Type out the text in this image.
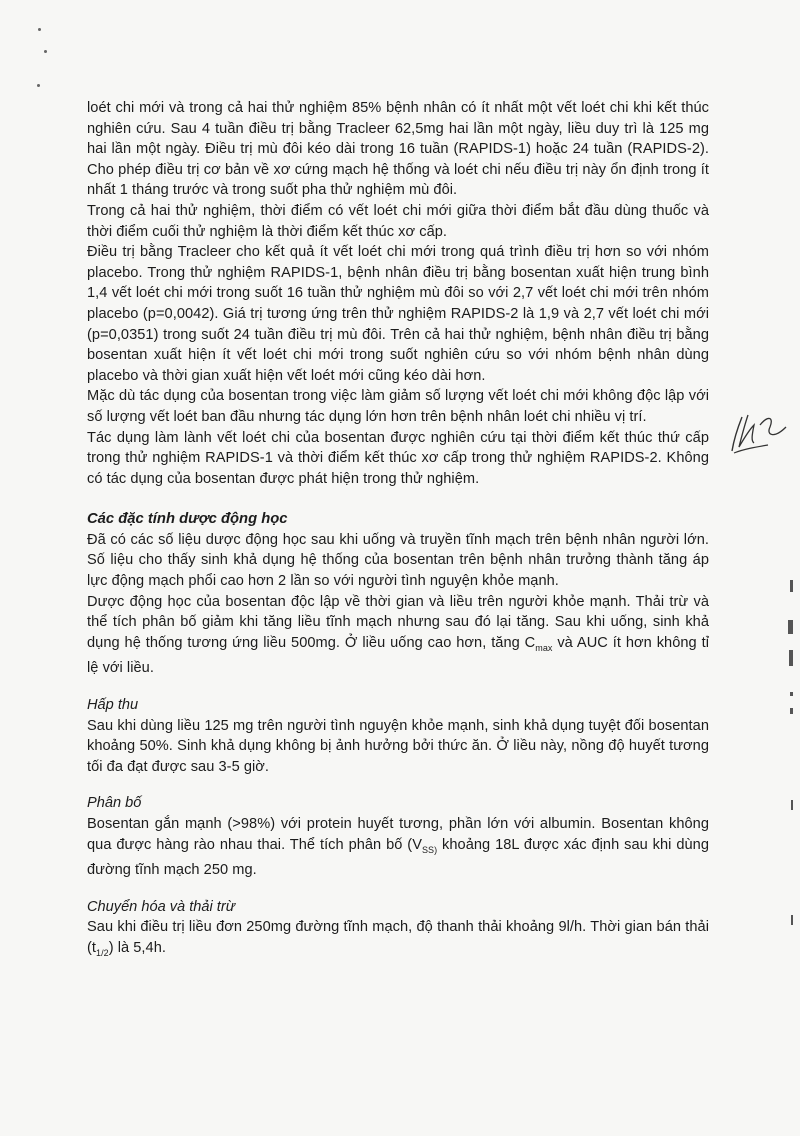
loét chi mới và trong cả hai thử nghiệm 85% bệnh nhân có ít nhất một vết loét chi khi kết thúc nghiên cứu. Sau 4 tuần điều trị bằng Tracleer 62,5mg hai lần một ngày, liều duy trì là 125 mg hai lần một ngày. Điều trị mù đôi kéo dài trong 16 tuần (RAPIDS-1) hoặc 24 tuần (RAPIDS-2). Cho phép điều trị cơ bản về xơ cứng mạch hệ thống và loét chi nếu điều trị này ổn định trong ít nhất 1 tháng trước và trong suốt pha thử nghiệm mù đôi.

Trong cả hai thử nghiệm, thời điểm có vết loét chi mới giữa thời điểm bắt đầu dùng thuốc và thời điểm cuối thử nghiệm là thời điểm kết thúc xơ cấp.

Điều trị bằng Tracleer cho kết quả ít vết loét chi mới trong quá trình điều trị hơn so với nhóm placebo. Trong thử nghiệm RAPIDS-1, bệnh nhân điều trị bằng bosentan xuất hiện trung bình 1,4 vết loét chi mới trong suốt 16 tuần thử nghiệm mù đôi so với 2,7 vết loét chi mới trên nhóm placebo (p=0,0042). Giá trị tương ứng trên thử nghiệm RAPIDS-2 là 1,9 và 2,7 vết loét chi mới (p=0,0351) trong suốt 24 tuần điều trị mù đôi. Trên cả hai thử nghiệm, bệnh nhân điều trị bằng bosentan xuất hiện ít vết loét chi mới trong suốt nghiên cứu so với nhóm bệnh nhân dùng placebo và thời gian xuất hiện vết loét mới cũng kéo dài hơn.

Mặc dù tác dụng của bosentan trong việc làm giảm số lượng vết loét chi mới không độc lập với số lượng vết loét ban đầu nhưng tác dụng lớn hơn trên bệnh nhân loét chi nhiều vị trí.

Tác dụng làm lành vết loét chi của bosentan được nghiên cứu tại thời điểm kết thúc thứ cấp trong thử nghiệm RAPIDS-1 và thời điểm kết thúc xơ cấp trong thử nghiệm RAPIDS-2. Không có tác dụng của bosentan được phát hiện trong thử nghiệm.

Các đặc tính dược động học

Đã có các số liệu dược động học sau khi uống và truyền tĩnh mạch trên bệnh nhân người lớn. Số liệu cho thấy sinh khả dụng hệ thống của bosentan trên bệnh nhân trưởng thành tăng áp lực động mạch phổi cao hơn 2 lần so với người tình nguyện khỏe mạnh.

Dược động học của bosentan độc lập về thời gian và liều trên người khỏe mạnh. Thải trừ và thể tích phân bố giảm khi tăng liều tĩnh mạch nhưng sau đó lại tăng. Sau khi uống, sinh khả dụng hệ thống tương ứng liều 500mg. Ở liều uống cao hơn, tăng $C_{max}$ và AUC ít hơn không tỉ lệ với liều.

Hấp thu

Sau khi dùng liều 125 mg trên người tình nguyện khỏe mạnh, sinh khả dụng tuyệt đối bosentan khoảng 50%. Sinh khả dụng không bị ảnh hưởng bởi thức ăn. Ở liều này, nồng độ huyết tương tối đa đạt được sau 3-5 giờ.

Phân bố

Bosentan gắn mạnh (>98%) với protein huyết tương, phần lớn với albumin. Bosentan không qua được hàng rào nhau thai. Thể tích phân bố ($V_{SS)}$ khoảng 18L được xác định sau khi dùng đường tĩnh mạch 250 mg.

Chuyển hóa và thải trừ

Sau khi điều trị liều đơn 250mg đường tĩnh mạch, độ thanh thải khoảng 9l/h. Thời gian bán thải $(t_{1/2})$ là 5,4h.
